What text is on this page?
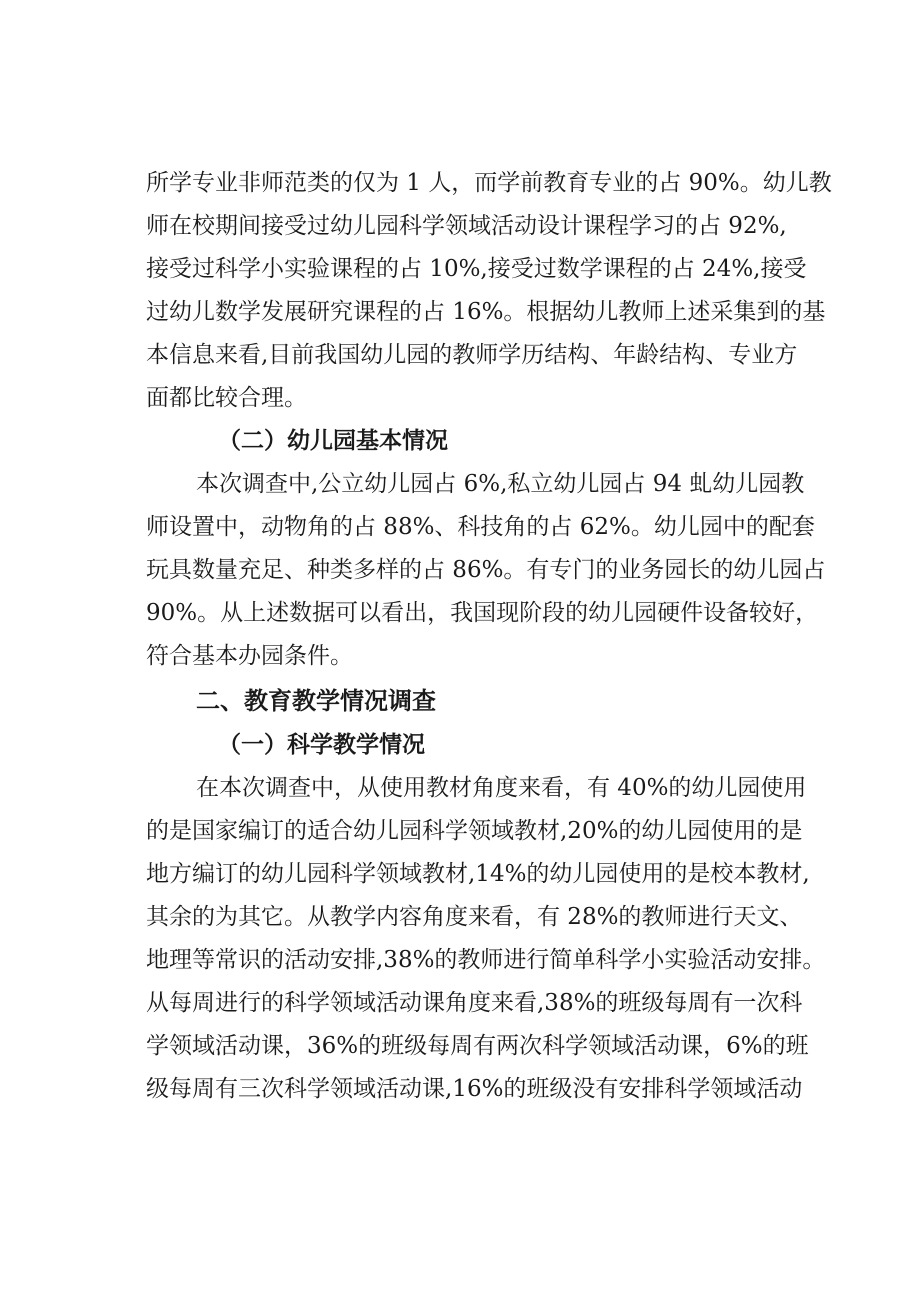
所学专业非师范类的仅为 1 人，而学前教育专业的占 90%。幼儿教
师在校期间接受过幼儿园科学领域活动设计课程学习的占 92%,
接受过科学小实验课程的占 10%,接受过数学课程的占 24%,接受
过幼儿数学发展研究课程的占 16%。根据幼儿教师上述采集到的基
本信息来看,目前我国幼儿园的教师学历结构、年龄结构、专业方
面都比较合理。
（二）幼儿园基本情况
本次调查中,公立幼儿园占 6%,私立幼儿园占 94 虬幼儿园教
师设置中，动物角的占 88%、科技角的占 62%。幼儿园中的配套
玩具数量充足、种类多样的占 86%。有专门的业务园长的幼儿园占
90%。从上述数据可以看出，我国现阶段的幼儿园硬件设备较好，
符合基本办园条件。
二、教育教学情况调查
（一）科学教学情况
在本次调查中，从使用教材角度来看，有 40%的幼儿园使用
的是国家编订的适合幼儿园科学领域教材,20%的幼儿园使用的是
地方编订的幼儿园科学领域教材,14%的幼儿园使用的是校本教材,
其余的为其它。从教学内容角度来看，有 28%的教师进行天文、
地理等常识的活动安排,38%的教师进行简单科学小实验活动安排。
从每周进行的科学领域活动课角度来看,38%的班级每周有一次科
学领域活动课，36%的班级每周有两次科学领域活动课，6%的班
级每周有三次科学领域活动课,16%的班级没有安排科学领域活动
